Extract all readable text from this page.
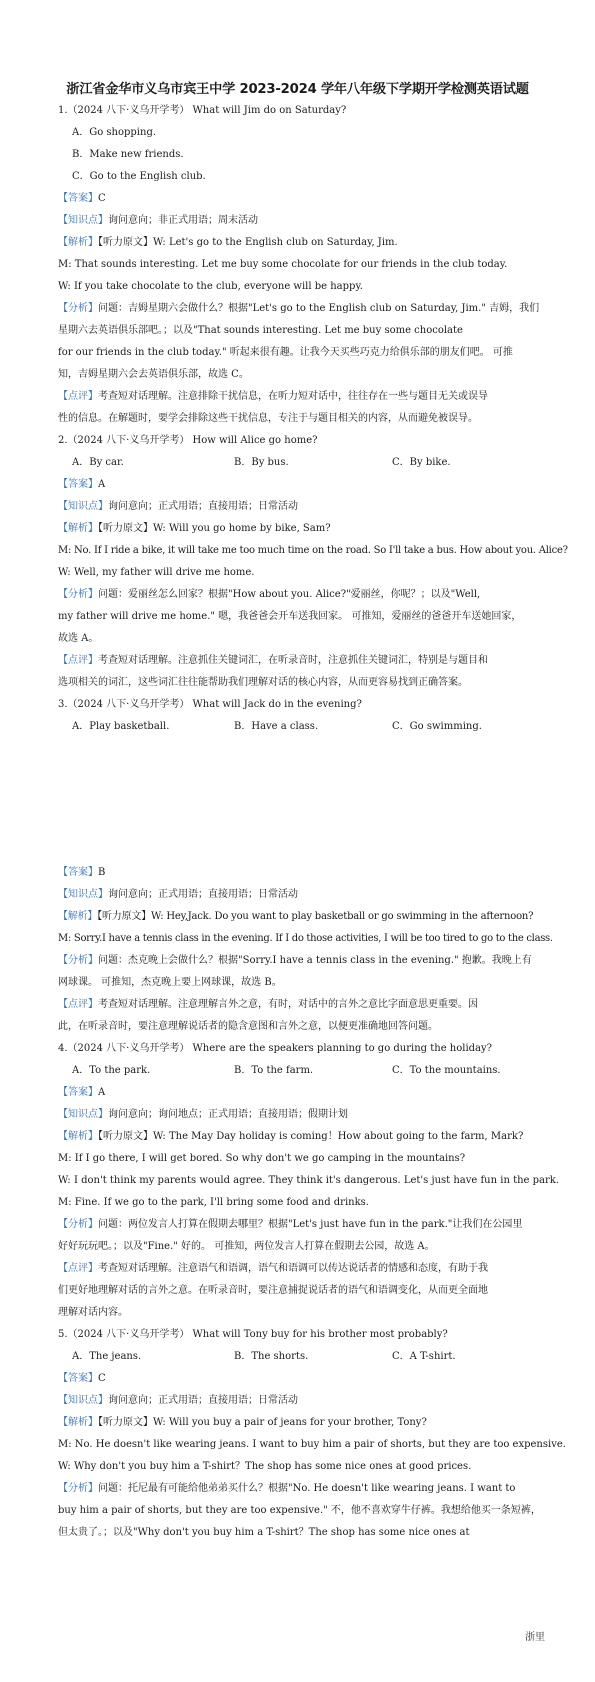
浙江省金华市义乌市宾王中学 2023-2024 学年八年级下学期开学检测英语试题
1.（2024 八下·义乌开学考） What will Jim do on Saturday?
A．Go shopping.
B．Make new friends.
C．Go to the English club.
【答案】C
【知识点】询问意向；非正式用语；周末活动
【解析】【听力原文】W: Let's go to the English club on Saturday, Jim.
M: That sounds interesting. Let me buy some chocolate for our friends in the club today.
W: If you take chocolate to the club, everyone will be happy.
【分析】问题：吉姆星期六会做什么？根据"Let's go to the English club on Saturday, Jim." 吉姆，我们
星期六去英语俱乐部吧。；以及"That sounds interesting. Let me buy some chocolate
for our friends in the club today." 听起来很有趣。让我今天买些巧克力给俱乐部的朋友们吧。 可推
知，吉姆星期六会去英语俱乐部，故选 C。
【点评】考查短对话理解。注意排除干扰信息，在听力短对话中，往往存在一些与题目无关或误导
性的信息。在解题时，要学会排除这些干扰信息，专注于与题目相关的内容，从而避免被误导。
2.（2024 八下·义乌开学考） How will Alice go home?
A．By car.	B．By bus.	C．By bike.
【答案】A
【知识点】询问意向；正式用语；直接用语；日常活动
【解析】【听力原文】W: Will you go home by bike, Sam?
M: No. If I ride a bike, it will take me too much time on the road. So I'll take a bus. How about you. Alice?
W: Well, my father will drive me home.
【分析】问题：爱丽丝怎么回家？根据"How about you. Alice?"爱丽丝，你呢？；以及"Well,
my father will drive me home." 嗯，我爸爸会开车送我回家。 可推知，爱丽丝的爸爸开车送她回家，
故选 A。
【点评】考查短对话理解。注意抓住关键词汇，在听录音时，注意抓住关键词汇，特别是与题目和
选项相关的词汇，这些词汇往往能帮助我们理解对话的核心内容，从而更容易找到正确答案。
3.（2024 八下·义乌开学考） What will Jack do in the evening?
A．Play basketball.	B．Have a class.	C．Go swimming.
【答案】B
【知识点】询问意向；正式用语；直接用语；日常活动
【解析】【听力原文】W: Hey,Jack. Do you want to play basketball or go swimming in the afternoon?
M: Sorry.I have a tennis class in the evening. If I do those activities, I will be too tired to go to the class.
【分析】问题：杰克晚上会做什么？根据"Sorry.I have a tennis class in the evening." 抱歉。我晚上有
网球课。 可推知，杰克晚上要上网球课，故选 B。
【点评】考查短对话理解。注意理解言外之意，有时，对话中的言外之意比字面意思更重要。因
此，在听录音时，要注意理解说话者的隐含意图和言外之意，以便更准确地回答问题。
4.（2024 八下·义乌开学考） Where are the speakers planning to go during the holiday?
A．To the park.	B．To the farm.	C．To the mountains.
【答案】A
【知识点】询问意向；询问地点；正式用语；直接用语；假期计划
【解析】【听力原文】W: The May Day holiday is coming！How about going to the farm, Mark?
M: If I go there, I will get bored. So why don't we go camping in the mountains?
W: I don't think my parents would agree. They think it's dangerous. Let's just have fun in the park.
M: Fine. If we go to the park, I'll bring some food and drinks.
【分析】问题：两位发言人打算在假期去哪里？根据"Let's just have fun in the park."让我们在公园里
好好玩玩吧。；以及"Fine." 好的。 可推知，两位发言人打算在假期去公园，故选 A。
【点评】考查短对话理解。注意语气和语调，语气和语调可以传达说话者的情感和态度，有助于我
们更好地理解对话的言外之意。在听录音时，要注意捕捉说话者的语气和语调变化，从而更全面地
理解对话内容。
5.（2024 八下·义乌开学考） What will Tony buy for his brother most probably?
A．The jeans.	B．The shorts.	C．A T-shirt.
【答案】C
【知识点】询问意向；正式用语；直接用语；日常活动
【解析】【听力原文】W: Will you buy a pair of jeans for your brother, Tony?
M: No. He doesn't like wearing jeans. I want to buy him a pair of shorts, but they are too expensive.
W: Why don't you buy him a T-shirt？The shop has some nice ones at good prices.
【分析】问题：托尼最有可能给他弟弟买什么？根据"No. He doesn't like wearing jeans. I want to
buy him a pair of shorts, but they are too expensive." 不，他不喜欢穿牛仔裤。我想给他买一条短裤，
但太贵了。；以及"Why don't you buy him a T-shirt？The shop has some nice ones at
浙里
